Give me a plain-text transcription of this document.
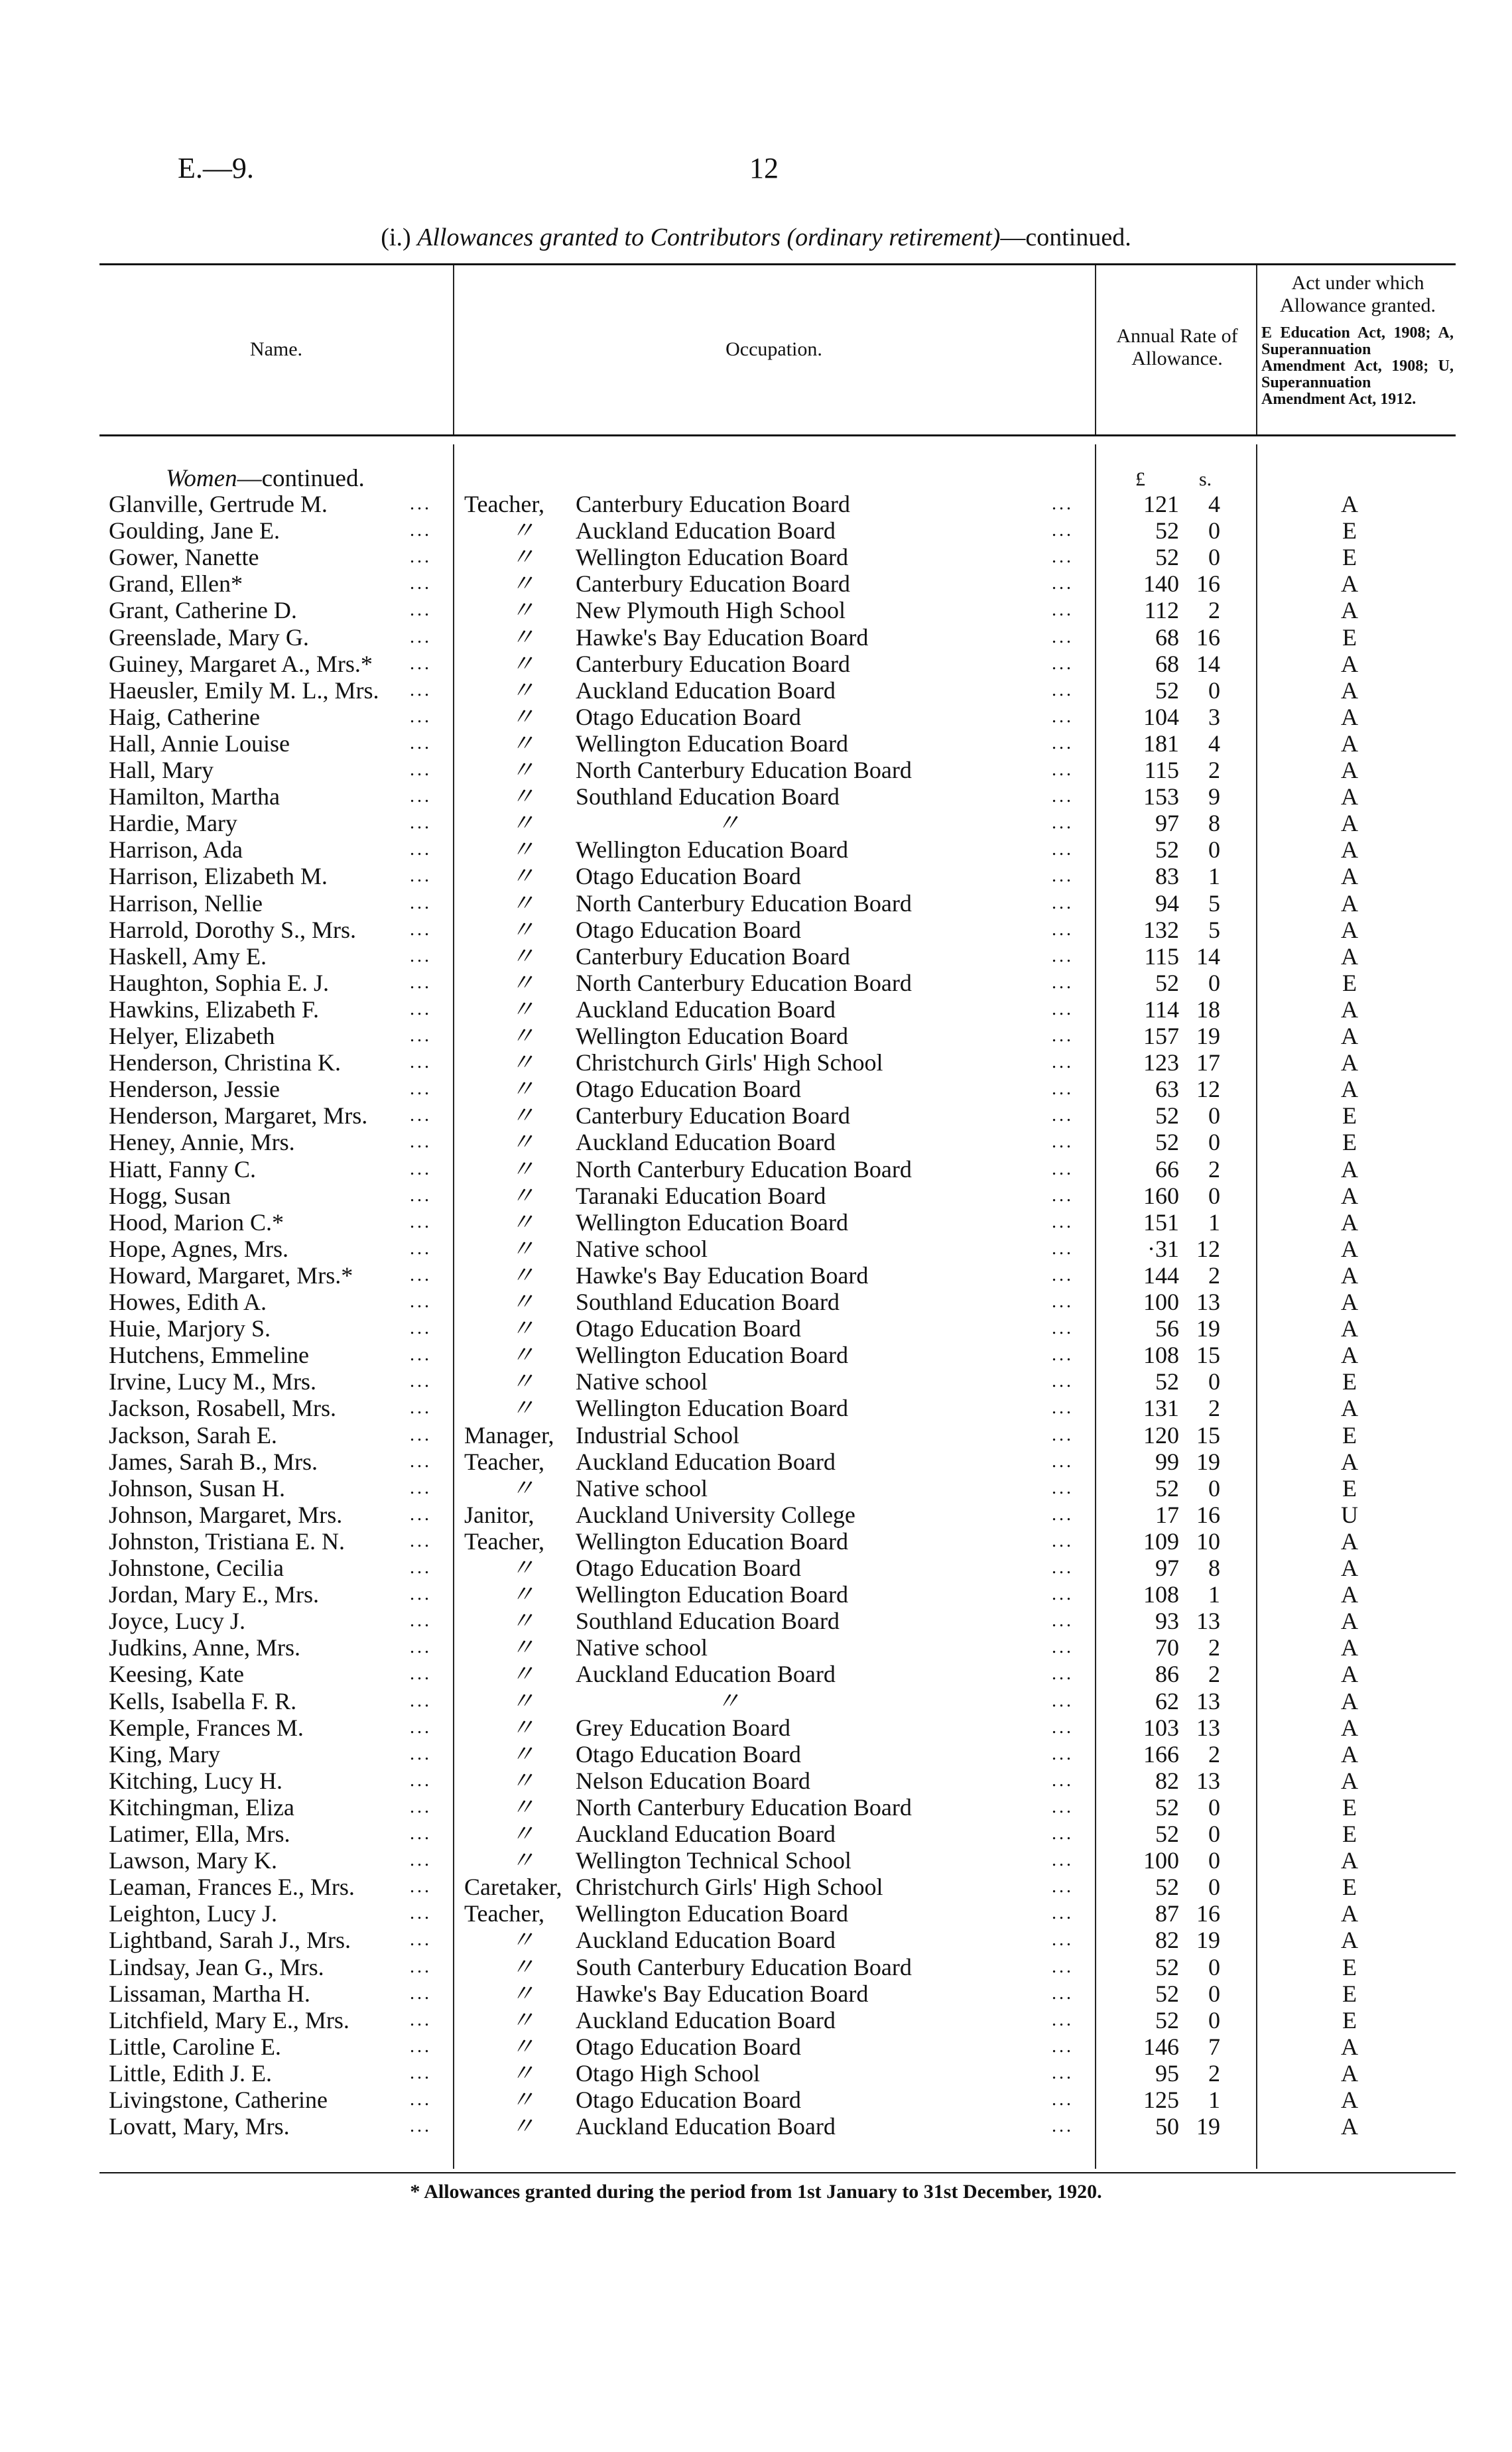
E.—9.	12
(i.) Allowances granted to Contributors (ordinary retirement)—continued.
Name.	Occupation.
Annual Rate of Allowance.
Act under which Allowance granted.
E Education Act, 1908; A, Superannuation Amendment Act, 1908; U, Superannuation Amendment Act, 1912.
Women—continued.	£	s.
Glanville, Gertrude M.	Teacher, Canterbury Education Board	121	4	A
...	...
Goulding, Jane E.	〃 Auckland Education Board	52	0	E
...	...
Gower, Nanette	〃 Wellington Education Board	52	0	E
...	...
Grand, Ellen*	〃 Canterbury Education Board	140 16	A
...	...
Grant, Catherine D.	〃 New Plymouth High School	112	2	A
...	...
Greenslade, Mary G.	〃 Hawke's Bay Education Board	68 16	E
...	...
Guiney, Margaret A., Mrs.*	〃 Canterbury Education Board	68 14	A
...	...
Haeusler, Emily M. L., Mrs.	〃 Auckland Education Board	52	0	A
...	...
Haig, Catherine	〃 Otago Education Board	104	3	A
...	...
Hall, Annie Louise	〃 Wellington Education Board	181	4	A
...	...
Hall, Mary	〃 North Canterbury Education Board	115	2	A
...	...
Hamilton, Martha	〃 Southland Education Board	153	9	A
...	...
Hardie, Mary	〃	〃	97	8	A
...	...
Harrison, Ada	〃 Wellington Education Board	52	0	A
...	...
Harrison, Elizabeth M.	〃 Otago Education Board	83	1	A
...	...
Harrison, Nellie	〃 North Canterbury Education Board	94	5	A
...	...
Harrold, Dorothy S., Mrs.	〃 Otago Education Board	132	5	A
...	...
Haskell, Amy E.	〃 Canterbury Education Board	115 14	A
...	...
Haughton, Sophia E. J.	〃 North Canterbury Education Board	52	0	E
...	...
Hawkins, Elizabeth F.	〃 Auckland Education Board	114 18	A
...	...
Helyer, Elizabeth	〃 Wellington Education Board	157 19	A
...	...
Henderson, Christina K.	〃 Christchurch Girls' High School	123 17	A
...	...
Henderson, Jessie	〃 Otago Education Board	63 12	A
...	...
Henderson, Margaret, Mrs.	〃 Canterbury Education Board	52	0	E
...	...
Heney, Annie, Mrs.	〃 Auckland Education Board	52	0	E
...	...
Hiatt, Fanny C.	〃 North Canterbury Education Board	66	2	A
...	...
Hogg, Susan	〃 Taranaki Education Board	160	0	A
...	...
Hood, Marion C.*	〃 Wellington Education Board	151	1	A
...	...
Hope, Agnes, Mrs.	〃 Native school	·31 12	A
...	...
Howard, Margaret, Mrs.*	〃 Hawke's Bay Education Board	144	2	A
...	...
Howes, Edith A.	〃 Southland Education Board	100 13	A
...	...
Huie, Marjory S.	〃 Otago Education Board	56 19	A
...	...
Hutchens, Emmeline	〃 Wellington Education Board	108 15	A
...	...
Irvine, Lucy M., Mrs.	〃 Native school	52	0	E
...	...
Jackson, Rosabell, Mrs.	〃 Wellington Education Board	131	2	A
...	...
Jackson, Sarah E.	Manager, Industrial School	120 15	E
...	...
James, Sarah B., Mrs.	Teacher, Auckland Education Board	99 19	A
...	...
Johnson, Susan H.	〃 Native school	52	0	E
...	...
Johnson, Margaret, Mrs.	Janitor, Auckland University College	17 16	U
...	...
Johnston, Tristiana E. N.	Teacher, Wellington Education Board	109 10	A
...	...
Johnstone, Cecilia	〃 Otago Education Board	97	8	A
...	...
Jordan, Mary E., Mrs.	〃 Wellington Education Board	108	1	A
...	...
Joyce, Lucy J.	〃 Southland Education Board	93 13	A
...	...
Judkins, Anne, Mrs.	〃 Native school	70	2	A
...	...
Keesing, Kate	〃 Auckland Education Board	86	2	A
...	...
Kells, Isabella F. R.	〃	〃	62 13	A
...	...
Kemple, Frances M.	〃 Grey Education Board	103 13	A
...	...
King, Mary	〃 Otago Education Board	166	2	A
...	...
Kitching, Lucy H.	〃 Nelson Education Board	82 13	A
...	...
Kitchingman, Eliza	〃 North Canterbury Education Board	52	0	E
...	...
Latimer, Ella, Mrs.	〃 Auckland Education Board	52	0	E
...	...
Lawson, Mary K.	〃 Wellington Technical School	100	0	A
...	...
Leaman, Frances E., Mrs.	Caretaker, Christchurch Girls' High School	52	0	E
...	...
Leighton, Lucy J.	Teacher, Wellington Education Board	87 16	A
...	...
Lightband, Sarah J., Mrs.	〃 Auckland Education Board	82 19	A
...	...
Lindsay, Jean G., Mrs.	〃 South Canterbury Education Board	52	0	E
...	...
Lissaman, Martha H.	〃 Hawke's Bay Education Board	52	0	E
...	...
Litchfield, Mary E., Mrs.	〃 Auckland Education Board	52	0	E
...	...
Little, Caroline E.	〃 Otago Education Board	146	7	A
...	...
Little, Edith J. E.	〃 Otago High School	95	2	A
...	...
Livingstone, Catherine	〃 Otago Education Board	125	1	A
...	...
Lovatt, Mary, Mrs.	〃 Auckland Education Board	50 19	A
...	...
* Allowances granted during the period from 1st January to 31st December, 1920.
